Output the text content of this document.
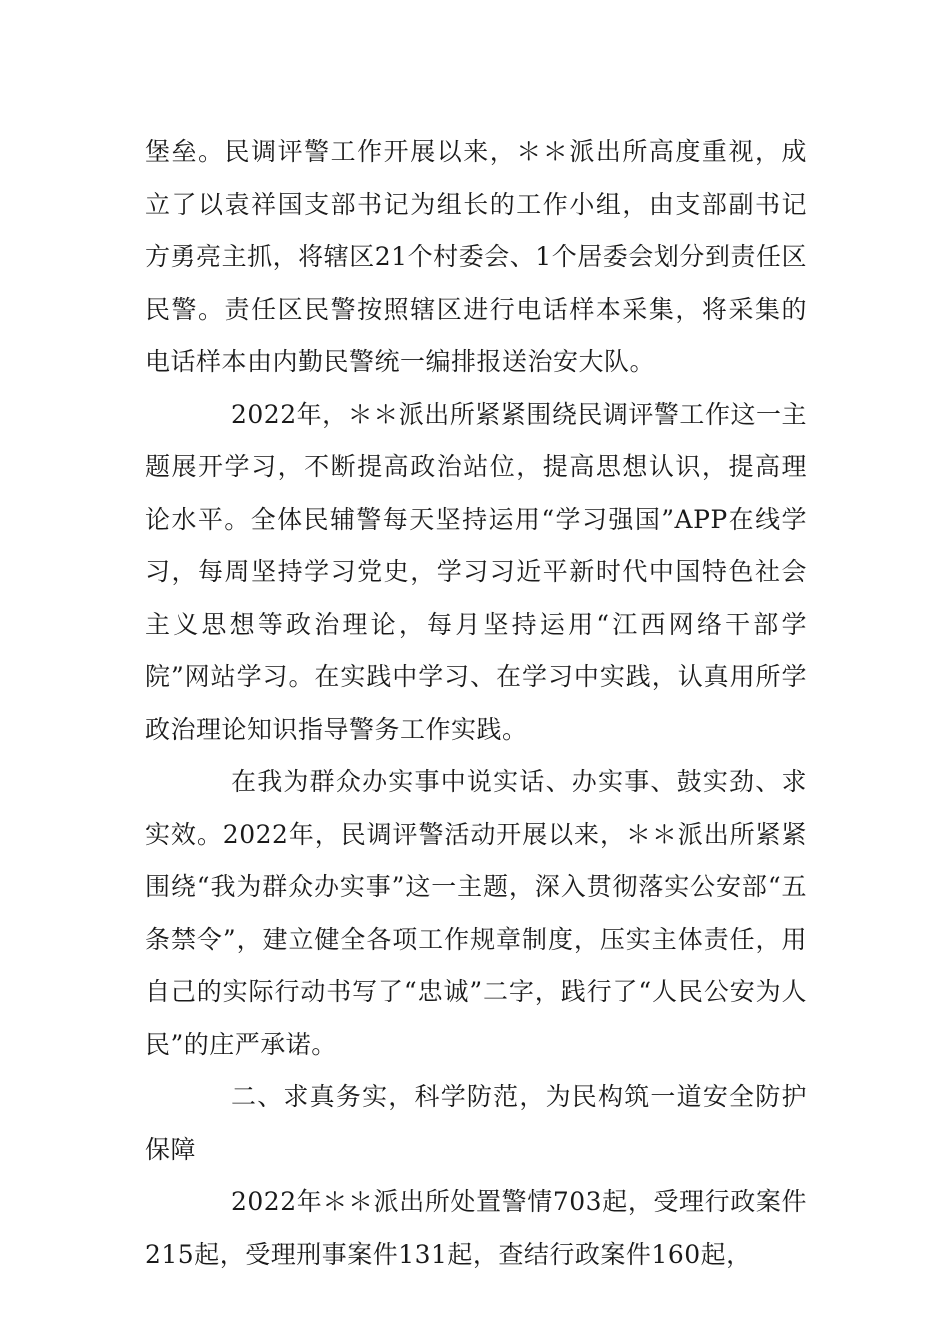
堡垒。民调评警工作开展以来，＊＊派出所高度重视，成立了以袁祥国支部书记为组长的工作小组，由支部副书记方勇亮主抓，将辖区21个村委会、1个居委会划分到责任区民警。责任区民警按照辖区进行电话样本采集，将采集的电话样本由内勤民警统一编排报送治安大队。

2022年，＊＊派出所紧紧围绕民调评警工作这一主题展开学习，不断提高政治站位，提高思想认识，提高理论水平。全体民辅警每天坚持运用“学习强国”APP在线学习，每周坚持学习党史，学习习近平新时代中国特色社会主义思想等政治理论，每月坚持运用“江西网络干部学院”网站学习。在实践中学习、在学习中实践，认真用所学政治理论知识指导警务工作实践。

在我为群众办实事中说实话、办实事、鼓实劲、求实效。2022年，民调评警活动开展以来，＊＊派出所紧紧围绕“我为群众办实事”这一主题，深入贯彻落实公安部“五条禁令”，建立健全各项工作规章制度，压实主体责任，用自己的实际行动书写了“忠诚”二字，践行了“人民公安为人民”的庄严承诺。

二、求真务实，科学防范，为民构筑一道安全防护保障

2022年＊＊派出所处置警情703起，受理行政案件215起，受理刑事案件131起，查结行政案件160起，
